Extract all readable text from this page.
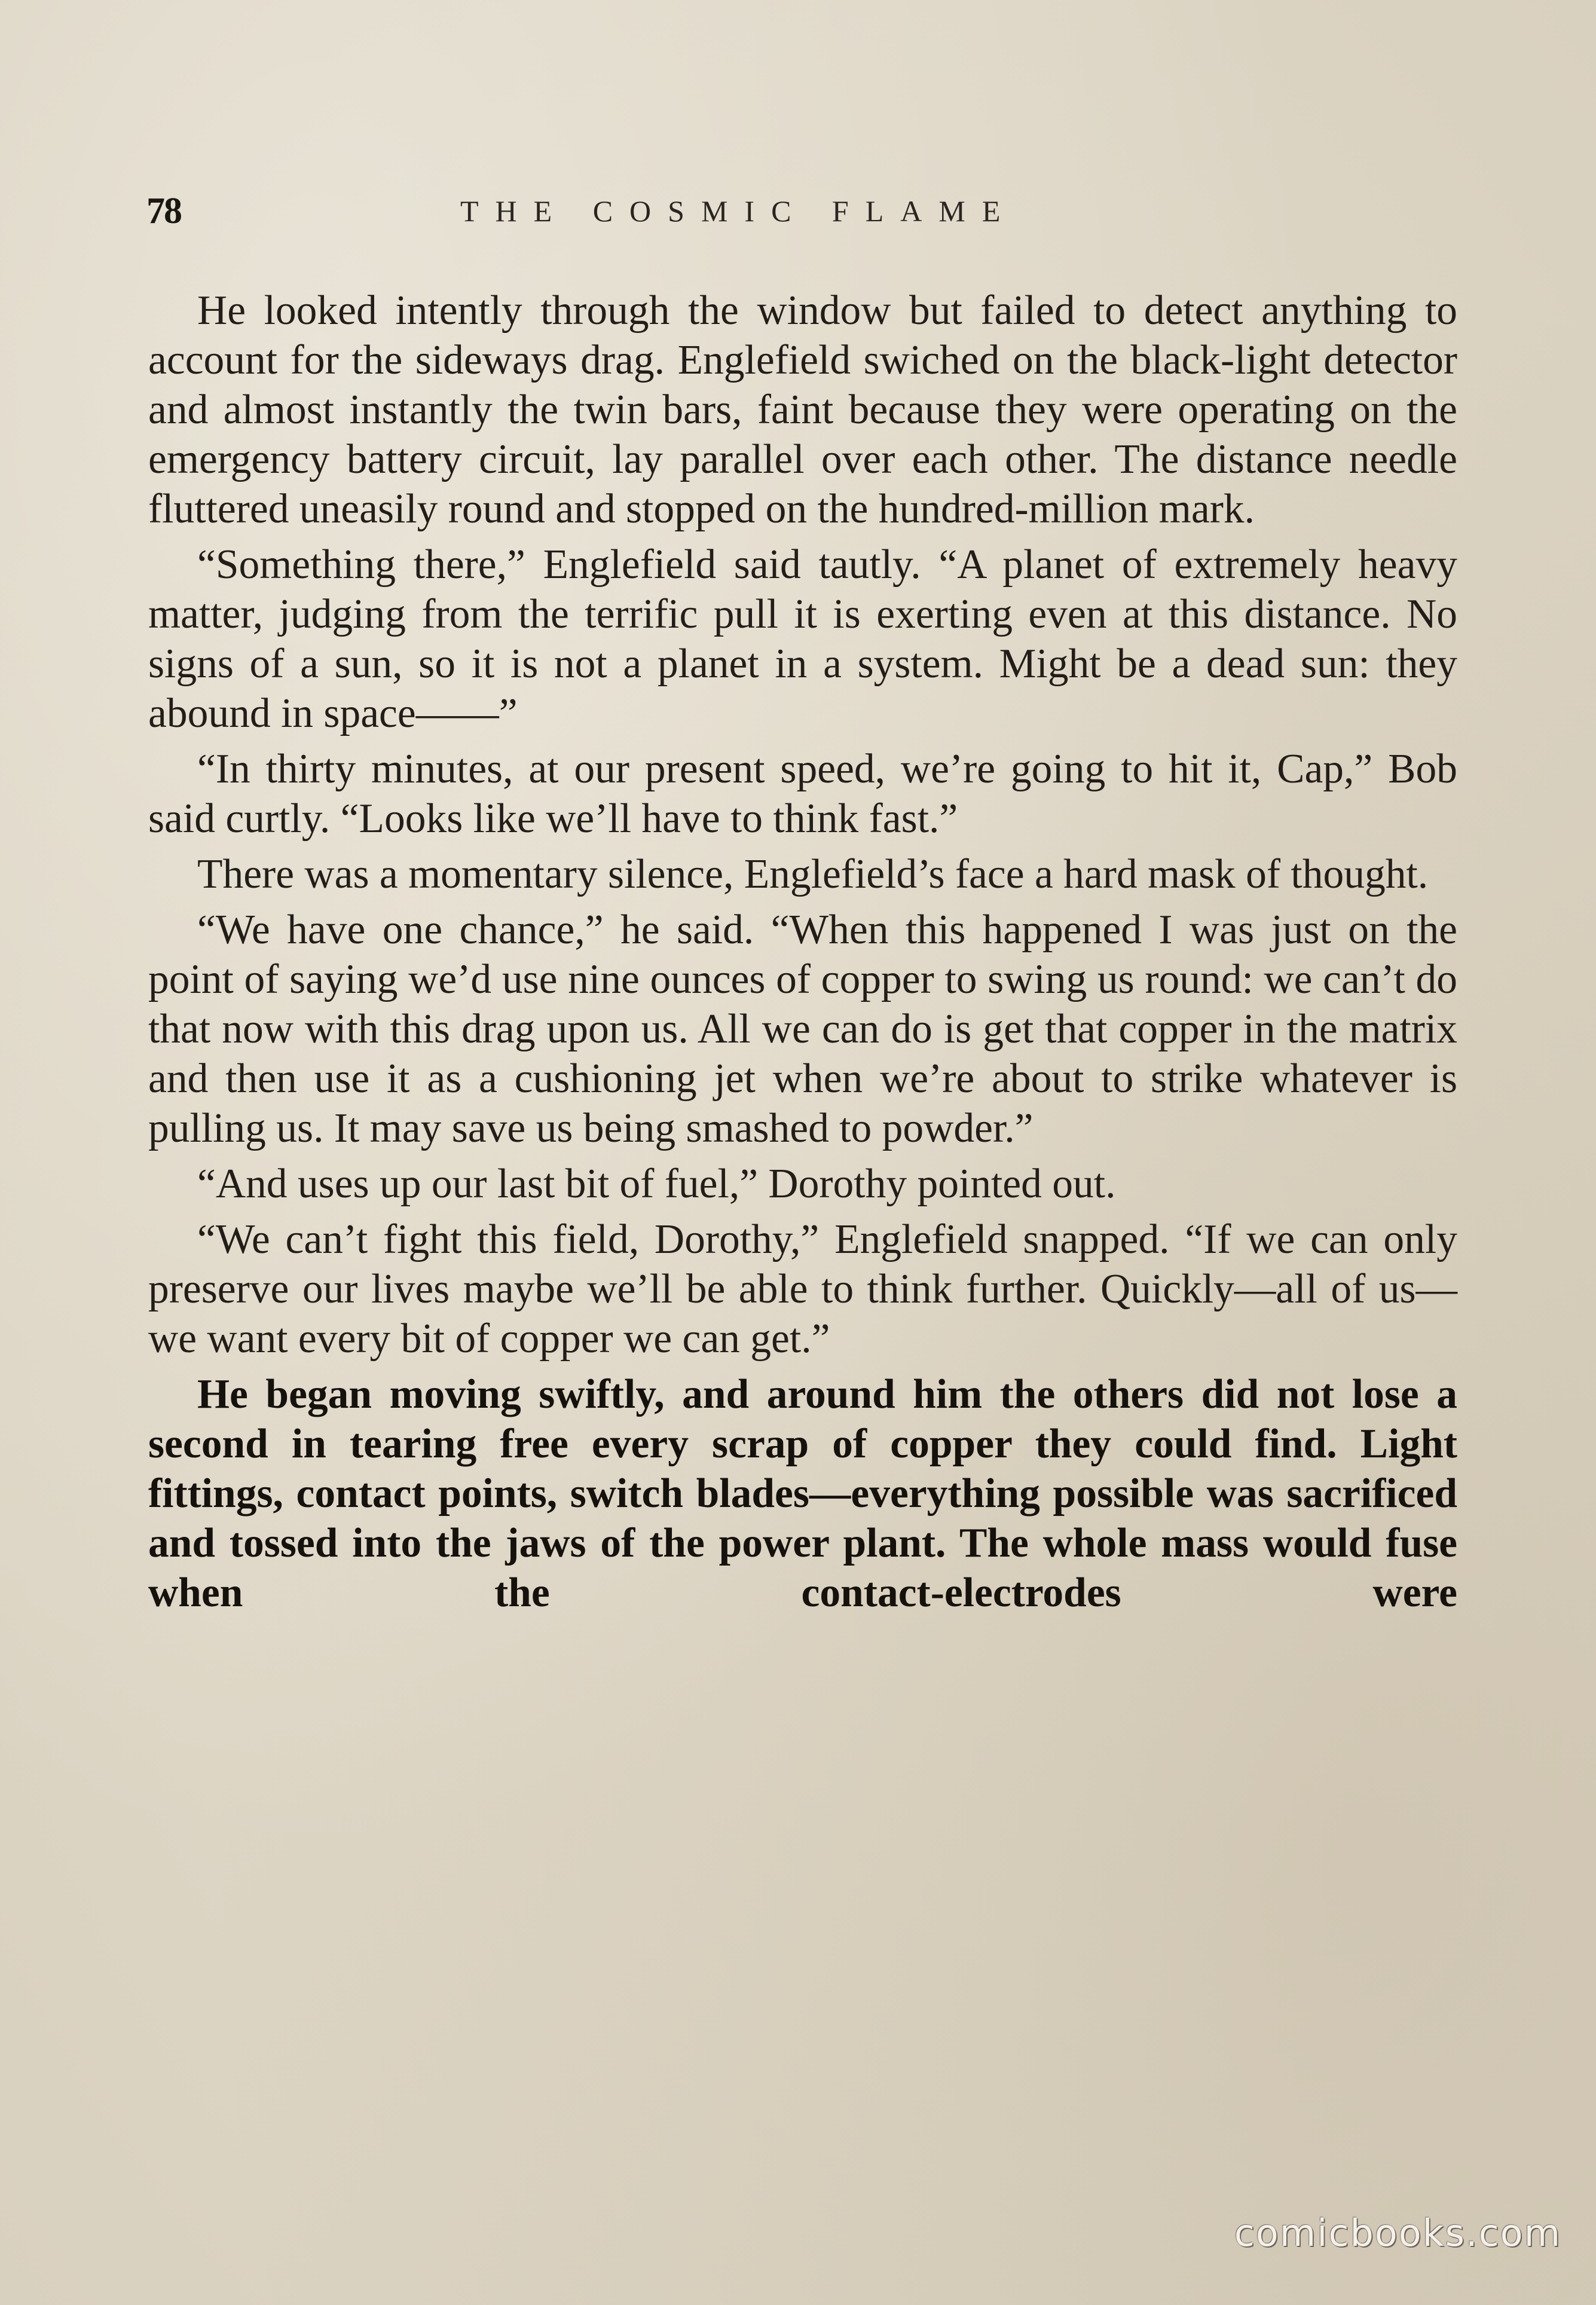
78	THE COSMIC FLAME

He looked intently through the window but failed to detect anything to account for the sideways drag. Englefield swiched on the black-light detector and almost instantly the twin bars, faint because they were operating on the emergency battery circuit, lay parallel over each other. The distance needle fluttered uneasily round and stopped on the hundred-million mark.

“Something there,” Englefield said tautly. “A planet of extremely heavy matter, judging from the terrific pull it is exerting even at this distance. No signs of a sun, so it is not a planet in a system. Might be a dead sun: they abound in space——”

“In thirty minutes, at our present speed, we’re going to hit it, Cap,” Bob said curtly. “Looks like we’ll have to think fast.”

There was a momentary silence, Englefield’s face a hard mask of thought.

“We have one chance,” he said. “When this happened I was just on the point of saying we’d use nine ounces of copper to swing us round: we can’t do that now with this drag upon us. All we can do is get that copper in the matrix and then use it as a cushioning jet when we’re about to strike whatever is pulling us. It may save us being smashed to powder.”

“And uses up our last bit of fuel,” Dorothy pointed out.

“We can’t fight this field, Dorothy,” Englefield snapped. “If we can only preserve our lives maybe we’ll be able to think further. Quickly—all of us—we want every bit of copper we can get.”

He began moving swiftly, and around him the others did not lose a second in tearing free every scrap of copper they could find. Light fittings, contact points, switch blades—everything possible was sacrificed and tossed into the jaws of the power plant. The whole mass would fuse when the contact-electrodes were

comicbooks.com
